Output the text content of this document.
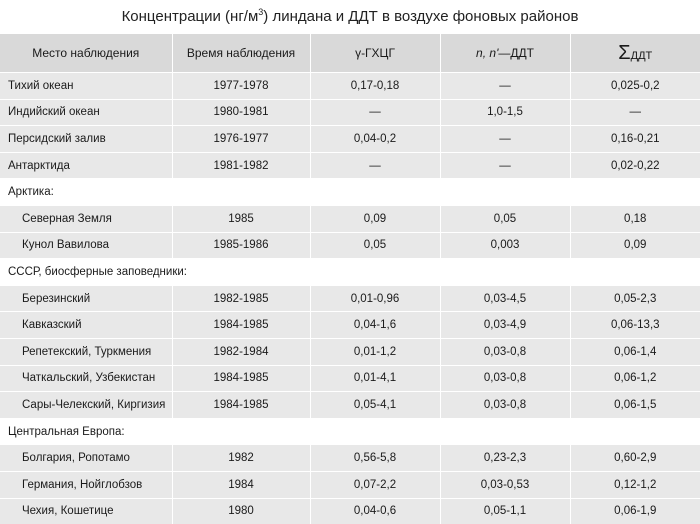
Концентрации $(нг/м^3)$ линдана и ДДТ в воздухе фоновых районов
Место наблюдения	Время наблюдения	γ-ГХЦГ	n, n'—ДДТ	ΣДДТ
Тихий океан	1977-1978	0,17-0,18	—	0,025-0,2
Индийский океан	1980-1981	—	1,0-1,5	—
Персидский залив	1976-1977	0,04-0,2	—	0,16-0,21
Антарктида	1981-1982	—	—	0,02-0,22
Арктика:				
Северная Земля	1985	0,09	0,05	0,18
Кунол Вавилова	1985-1986	0,05	0,003	0,09
СССР, биосферные заповедники:				
Березинский	1982-1985	0,01-0,96	0,03-4,5	0,05-2,3
Кавказский	1984-1985	0,04-1,6	0,03-4,9	0,06-13,3
Репетекский, Туркмения	1982-1984	0,01-1,2	0,03-0,8	0,06-1,4
Чаткальский, Узбекистан	1984-1985	0,01-4,1	0,03-0,8	0,06-1,2
Сары-Челекский, Киргизия	1984-1985	0,05-4,1	0,03-0,8	0,06-1,5
Центральная Европа:				
Болгария, Ропотамо	1982	0,56-5,8	0,23-2,3	0,60-2,9
Германия, Нойглобзов	1984	0,07-2,2	0,03-0,53	0,12-1,2
Чехия, Кошетице	1980	0,04-0,6	0,05-1,1	0,06-1,9
